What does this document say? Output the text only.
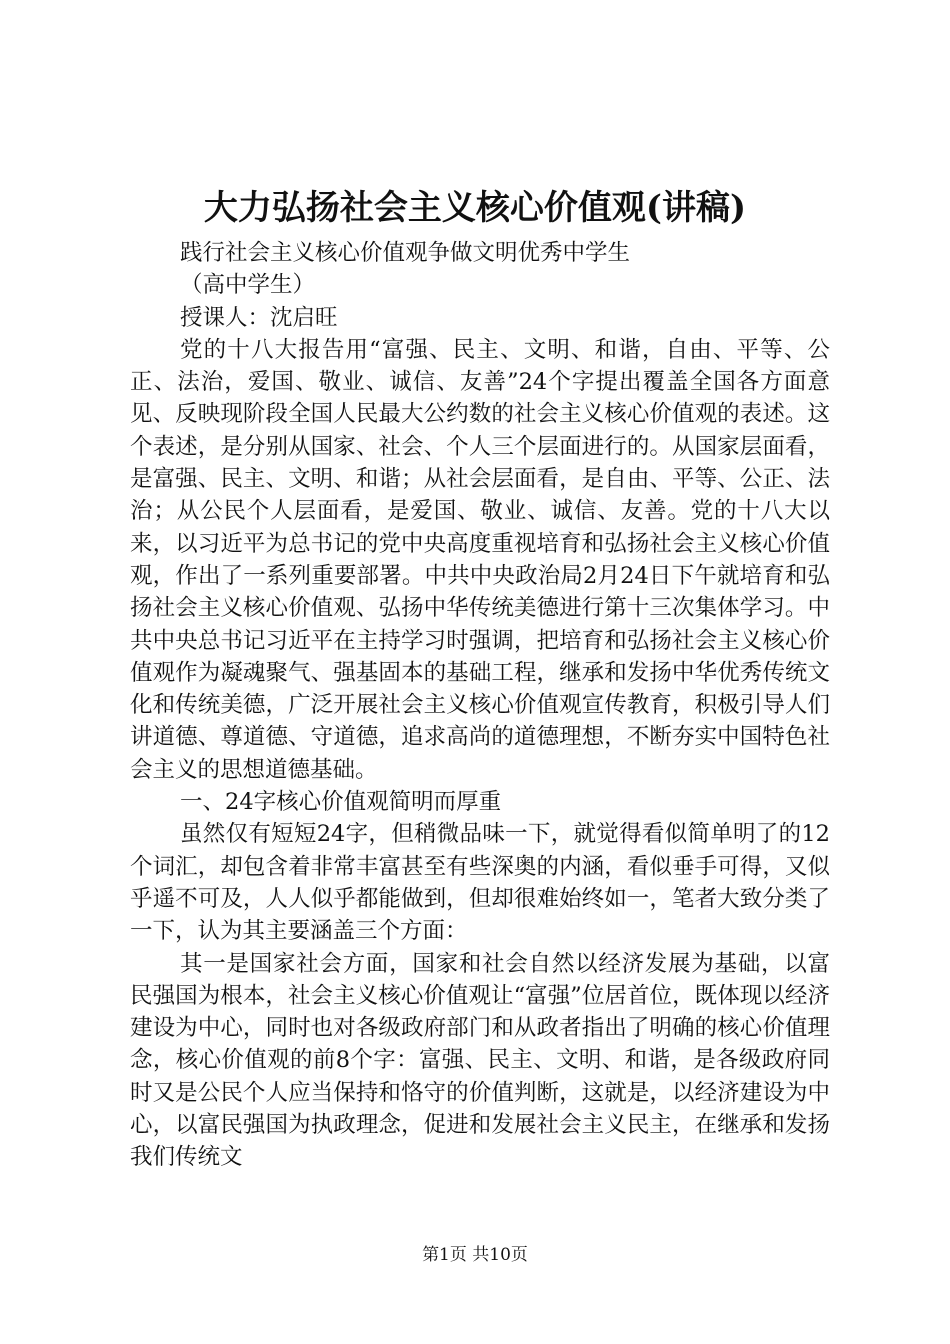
大力弘扬社会主义核心价值观(讲稿)

践行社会主义核心价值观争做文明优秀中学生

（高中学生）

授课人：沈启旺

党的十八大报告用“富强、民主、文明、和谐，自由、平等、公正、法治，爱国、敬业、诚信、友善”24个字提出覆盖全国各方面意见、反映现阶段全国人民最大公约数的社会主义核心价值观的表述。这个表述，是分别从国家、社会、个人三个层面进行的。从国家层面看，是富强、民主、文明、和谐；从社会层面看，是自由、平等、公正、法治；从公民个人层面看，是爱国、敬业、诚信、友善。党的十八大以来，以习近平为总书记的党中央高度重视培育和弘扬社会主义核心价值观，作出了一系列重要部署。中共中央政治局2月24日下午就培育和弘扬社会主义核心价值观、弘扬中华传统美德进行第十三次集体学习。中共中央总书记习近平在主持学习时强调，把培育和弘扬社会主义核心价值观作为凝魂聚气、强基固本的基础工程，继承和发扬中华优秀传统文化和传统美德，广泛开展社会主义核心价值观宣传教育，积极引导人们讲道德、尊道德、守道德，追求高尚的道德理想，不断夯实中国特色社会主义的思想道德基础。

一、24字核心价值观简明而厚重

虽然仅有短短24字，但稍微品味一下，就觉得看似简单明了的12个词汇，却包含着非常丰富甚至有些深奥的内涵，看似垂手可得，又似乎遥不可及，人人似乎都能做到，但却很难始终如一，笔者大致分类了一下，认为其主要涵盖三个方面：

其一是国家社会方面，国家和社会自然以经济发展为基础，以富民强国为根本，社会主义核心价值观让“富强”位居首位，既体现以经济建设为中心，同时也对各级政府部门和从政者指出了明确的核心价值理念，核心价值观的前8个字：富强、民主、文明、和谐，是各级政府同时又是公民个人应当保持和恪守的价值判断，这就是，以经济建设为中心，以富民强国为执政理念，促进和发展社会主义民主，在继承和发扬我们传统文

第1页 共10页
